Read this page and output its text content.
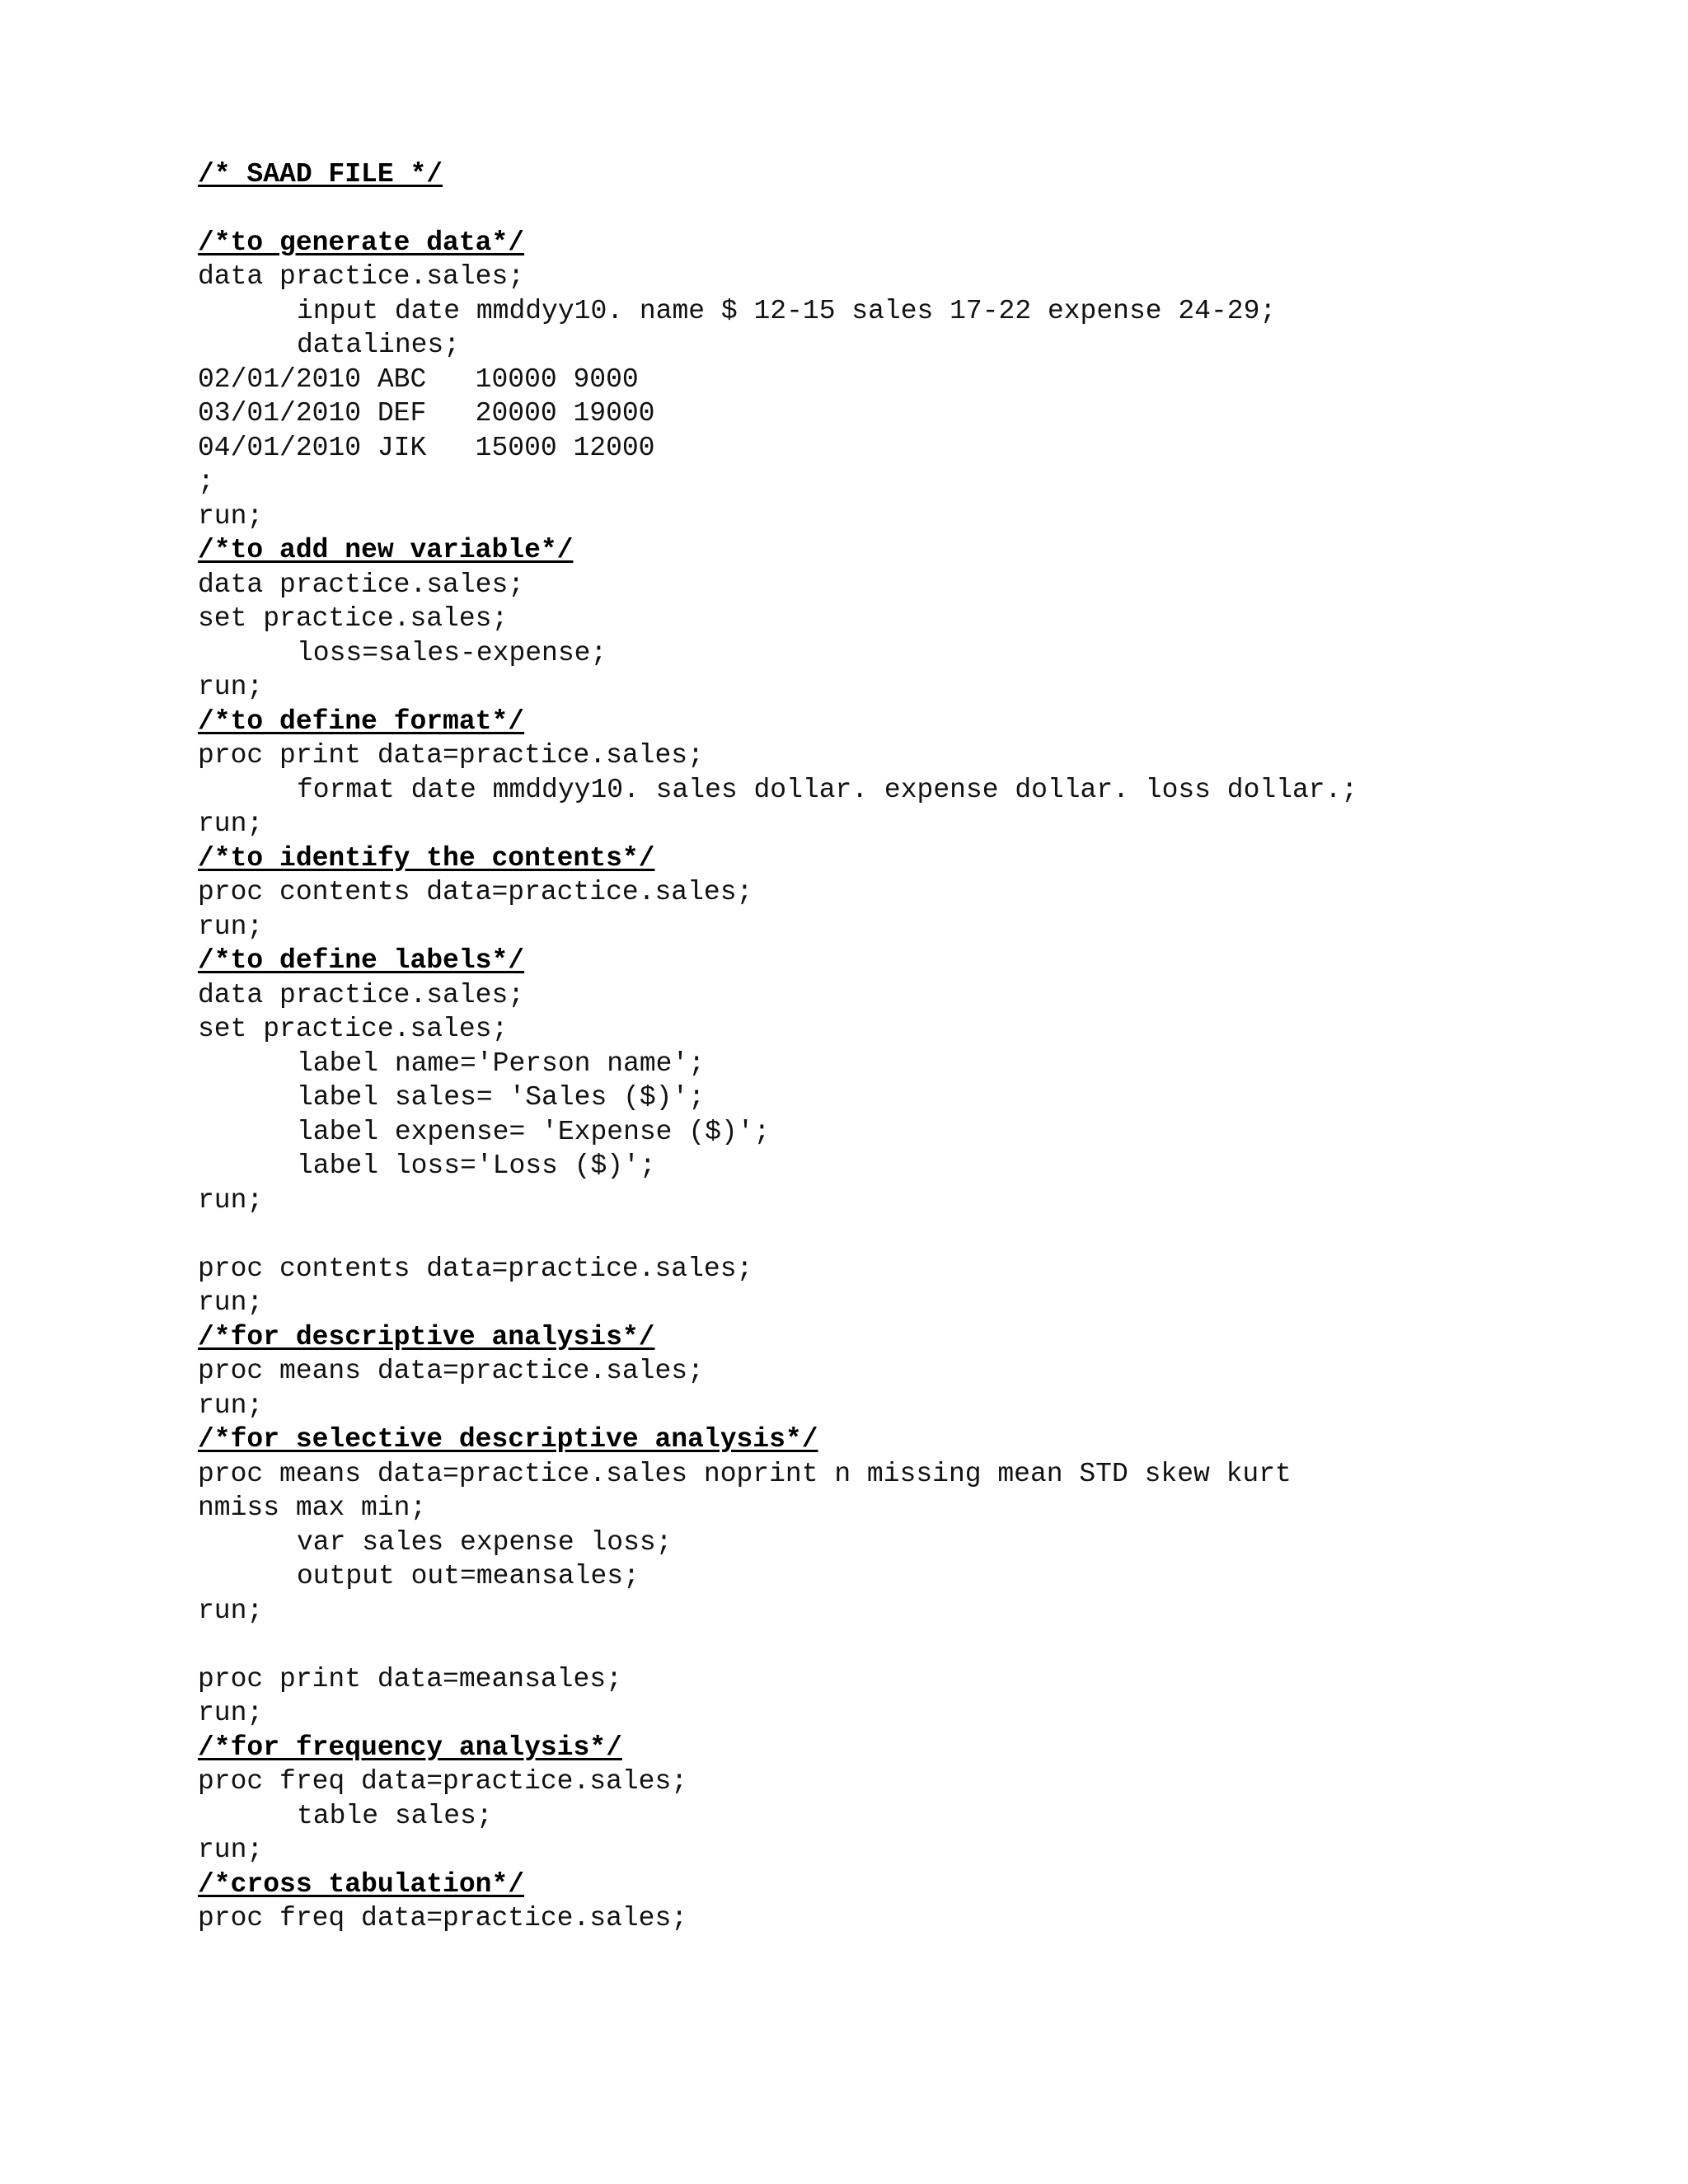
/* SAAD FILE */
/*to generate data*/
data practice.sales;
input date mmddyy10. name $ 12-15 sales 17-22 expense 24-29;
datalines;
02/01/2010 ABC   10000 9000
03/01/2010 DEF   20000 19000
04/01/2010 JIK   15000 12000
;
run;
/*to add new variable*/
data practice.sales;
set practice.sales;
loss=sales-expense;
run;
/*to define format*/
proc print data=practice.sales;
format date mmddyy10. sales dollar. expense dollar. loss dollar.;
run;
/*to identify the contents*/
proc contents data=practice.sales;
run;
/*to define labels*/
data practice.sales;
set practice.sales;
label name='Person name';
label sales= 'Sales ($)';
label expense= 'Expense ($)';
label loss='Loss ($)';
run;
proc contents data=practice.sales;
run;
/*for descriptive analysis*/
proc means data=practice.sales;
run;
/*for selective descriptive analysis*/
proc means data=practice.sales noprint n missing mean STD skew kurt
nmiss max min;
var sales expense loss;
output out=meansales;
run;
proc print data=meansales;
run;
/*for frequency analysis*/
proc freq data=practice.sales;
table sales;
run;
/*cross tabulation*/
proc freq data=practice.sales;
